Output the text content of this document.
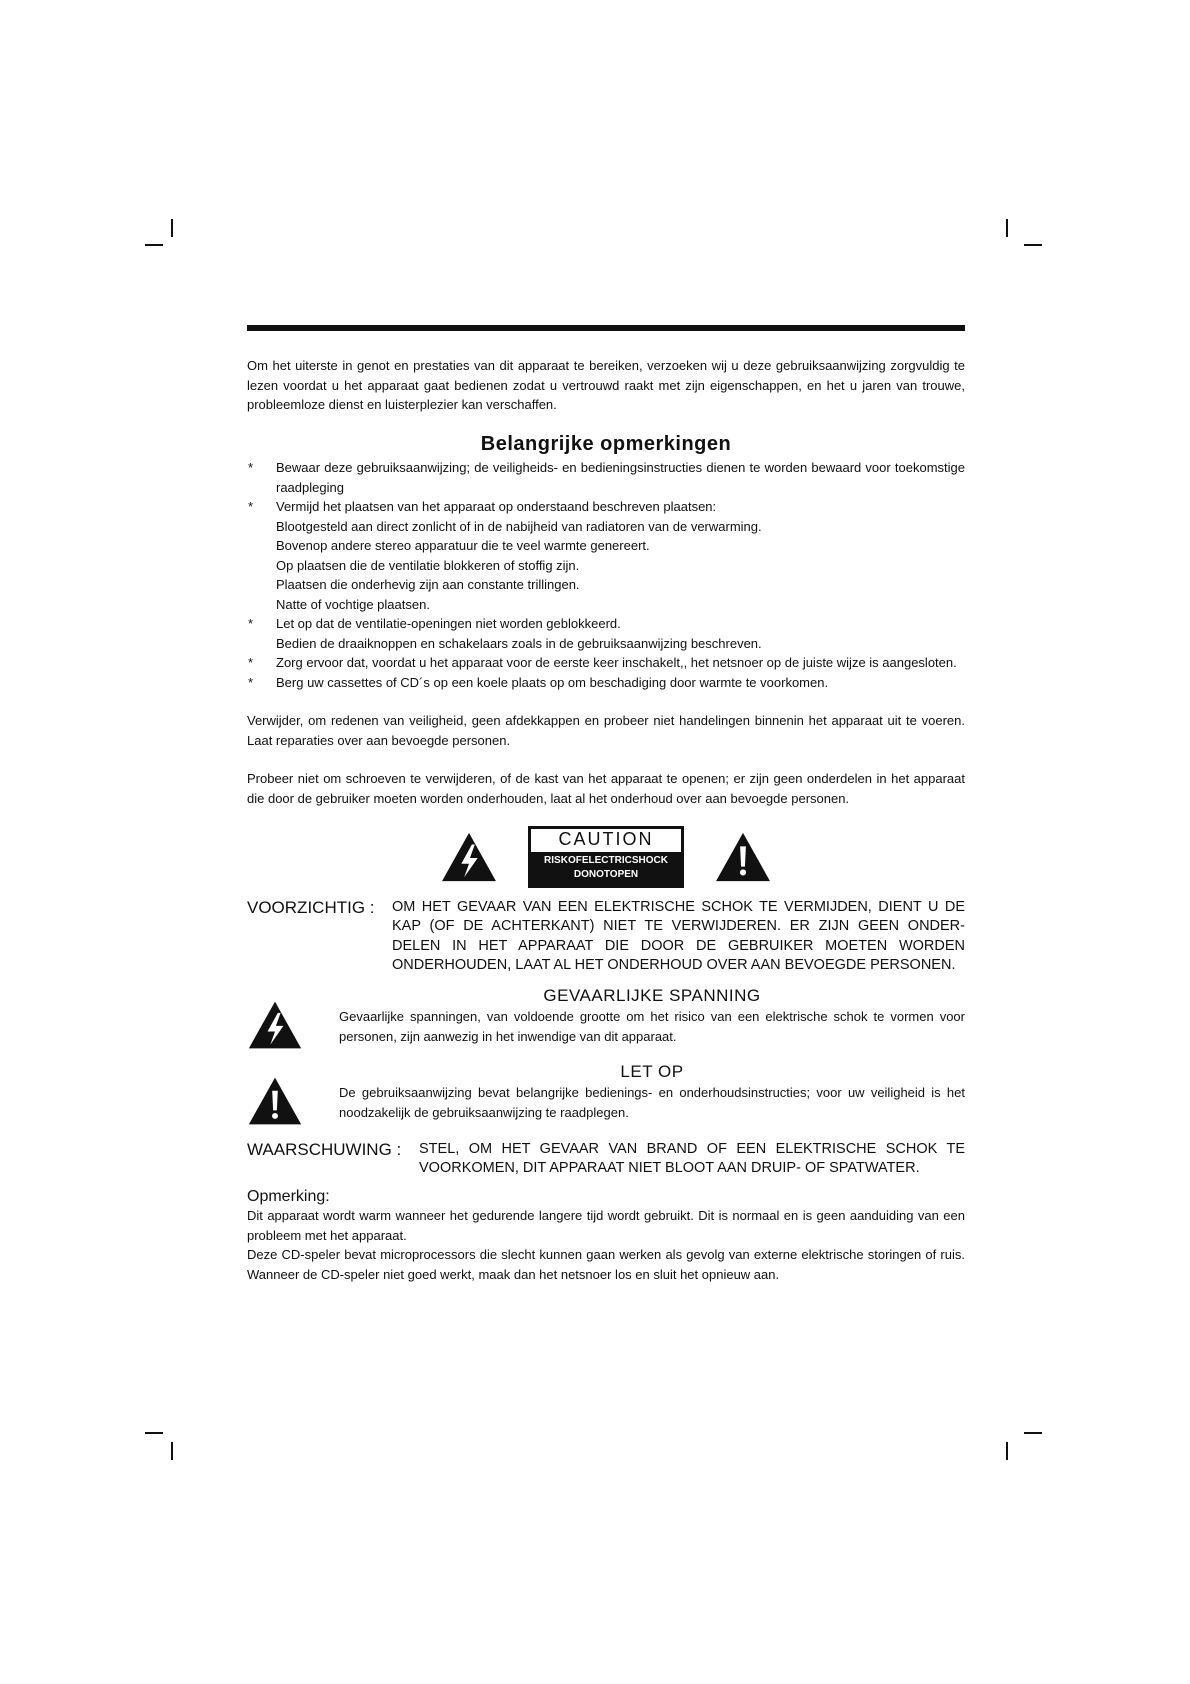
Om het uiterste in genot en prestaties van dit apparaat te bereiken, verzoeken wij u deze gebruiksaanwijzing zorgvuldig te lezen voordat u het apparaat gaat bedienen zodat u vertrouwd raakt met zijn eigenschappen, en het u jaren van trouwe, probleemloze dienst en luisterplezier kan verschaffen.

Belangrijke opmerkingen
* Bewaar deze gebruiksaanwijzing; de veiligheids- en bedieningsinstructies dienen te worden bewaard voor toekomstige raadpleging
* Vermijd het plaatsen van het apparaat op onderstaand beschreven plaatsen:
Blootgesteld aan direct zonlicht of in de nabijheid van radiatoren van de verwarming.
Bovenop andere stereo apparatuur die te veel warmte genereert.
Op plaatsen die de ventilatie blokkeren of stoffig zijn.
Plaatsen die onderhevig zijn aan constante trillingen.
Natte of vochtige plaatsen.
* Let op dat de ventilatie-openingen niet worden geblokkeerd.
Bedien de draaiknoppen en schakelaars zoals in de gebruiksaanwijzing beschreven.
* Zorg ervoor dat, voordat u het apparaat voor de eerste keer inschakelt,, het netsnoer op de juiste wijze is aangesloten.
* Berg uw cassettes of CD´s op een koele plaats op om beschadiging door warmte te voorkomen.

Verwijder, om redenen van veiligheid, geen afdekkappen en probeer niet handelingen binnenin het apparaat uit te voeren. Laat reparaties over aan bevoegde personen.

Probeer niet om schroeven te verwijderen, of de kast van het apparaat te openen; er zijn geen onderdelen in het apparaat die door de gebruiker moeten worden onderhouden, laat al het onderhoud over aan bevoegde personen.

CAUTION
RISKOFELECTRICSHOCK
DONOTOPEN
VOORZICHTIG :	OM HET GEVAAR VAN EEN ELEKTRISCHE SCHOK TE VERMIJDEN, DIENT U DE KAP (OF DE ACHTERKANT) NIET TE VERWIJDEREN. ER ZIJN GEEN ONDER- DELEN IN HET APPARAAT DIE DOOR DE GEBRUIKER MOETEN WORDEN ONDERHOUDEN, LAAT AL HET ONDERHOUD OVER AAN BEVOEGDE PERSONEN.
GEVAARLIJKE SPANNING

Gevaarlijke spanningen, van voldoende grootte om het risico van een elektrische schok te vormen voor personen, zijn aanwezig in het inwendige van dit apparaat.

LET OP

De gebruiksaanwijzing bevat belangrijke bedienings- en onderhoudsinstructies; voor uw veiligheid is het noodzakelijk de gebruiksaanwijzing te raadplegen.

WAARSCHUWING :	STEL, OM HET GEVAAR VAN BRAND OF EEN ELEKTRISCHE SCHOK TE VOORKOMEN, DIT APPARAAT NIET BLOOT AAN DRUIP- OF SPATWATER.
Opmerking:

Dit apparaat wordt warm wanneer het gedurende langere tijd wordt gebruikt. Dit is normaal en is geen aanduiding van een probleem met het apparaat.

Deze CD-speler bevat microprocessors die slecht kunnen gaan werken als gevolg van externe elektrische storingen of ruis. Wanneer de CD-speler niet goed werkt, maak dan het netsnoer los en sluit het opnieuw aan.
